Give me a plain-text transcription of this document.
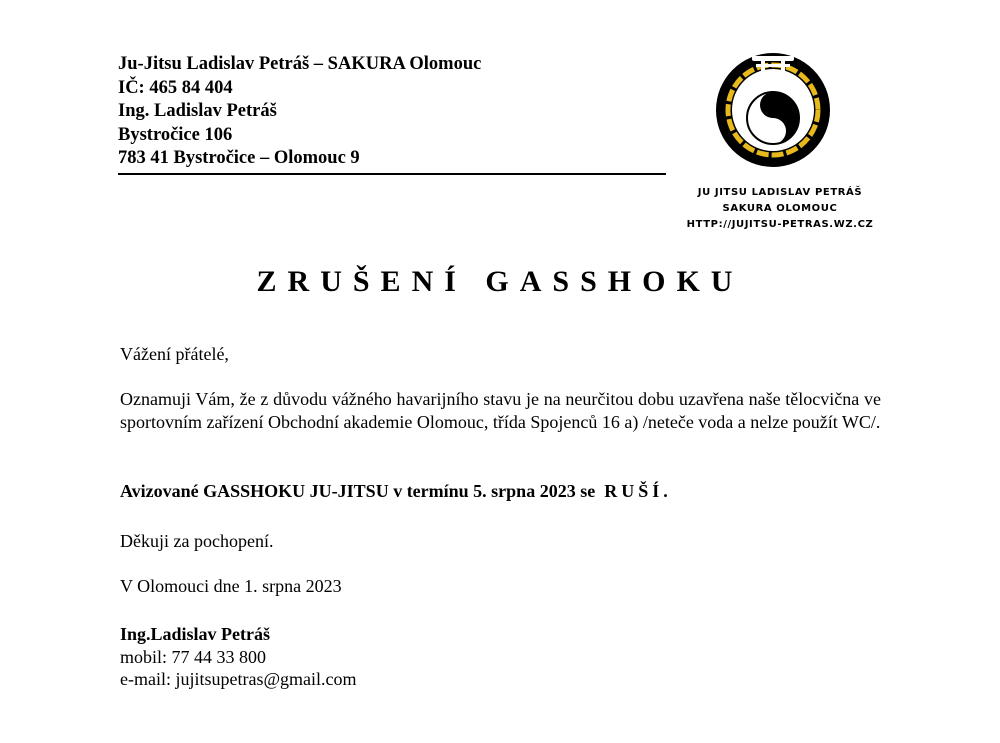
Ju-Jitsu Ladislav Petráš – SAKURA Olomouc
IČ: 465 84 404
Ing. Ladislav Petráš
Bystročice 106
783 41 Bystročice – Olomouc 9
柔
術
JU JITSU LADISLAV PETRÁŠ
SAKURA OLOMOUC
HTTP://JUJITSU-PETRAS.WZ.CZ
ZRUŠENÍ GASSHOKU

Vážení přátelé,

Oznamuji Vám, že z důvodu vážného havarijního stavu je na neurčitou dobu uzavřena naše tělocvična ve sportovním zařízení Obchodní akademie Olomouc, třída Spojenců 16 a) /neteče voda a nelze použít WC/.

Avizované GASSHOKU JU-JITSU v termínu 5. srpna 2023 se RUŠÍ.

Děkuji za pochopení.

V Olomouci dne 1. srpna 2023

Ing.Ladislav Petráš
mobil: 77 44 33 800
e-mail: jujitsupetras@gmail.com
